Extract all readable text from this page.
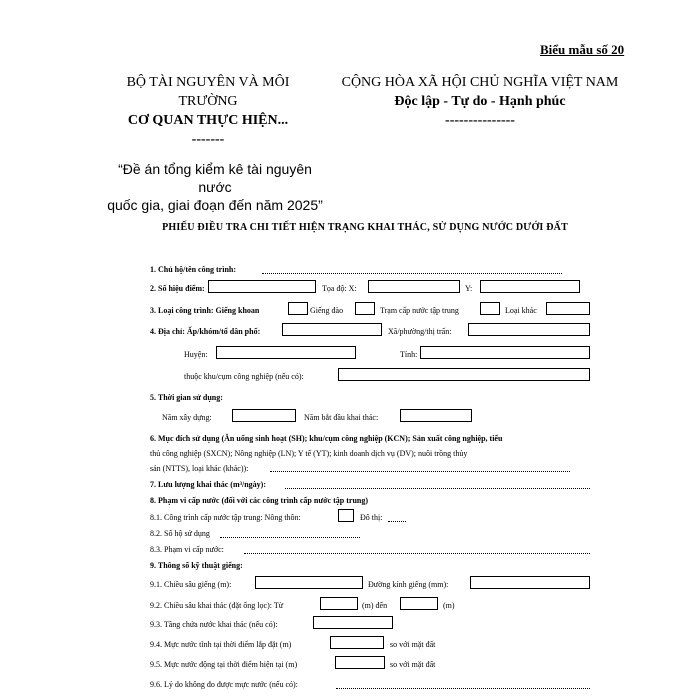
Biểu mẫu số 20
BỘ TÀI NGUYÊN VÀ MÔI
TRƯỜNG
CƠ QUAN THỰC HIỆN...
-------
CỘNG HÒA XÃ HỘI CHỦ NGHĨA VIỆT NAM
Độc lập - Tự do - Hạnh phúc
---------------
“Đề án tổng kiểm kê tài nguyên nước
quốc gia, giai đoạn đến năm 2025”
PHIẾU ĐIỀU TRA CHI TIẾT HIỆN TRẠNG KHAI THÁC, SỬ DỤNG NƯỚC DƯỚI ĐẤT
1. Chủ hộ/tên công trình:
2. Số hiệu điểm:	Tọa độ: X:	Y:
3. Loại công trình: Giếng khoan	Giếng đào	Trạm cấp nước tập trung	Loại khác
4. Địa chỉ: Ấp/khóm/tổ dân phố:	Xã/phường/thị trấn:
Huyện:	Tỉnh:
thuộc khu/cụm công nghiệp (nếu có):
5. Thời gian sử dụng:
Năm xây dựng:	Năm bắt đầu khai thác:
6. Mục đích sử dụng (Ăn uống sinh hoạt (SH); khu/cụm công nghiệp (KCN); Sản xuất công nghiệp, tiểu
thủ công nghiệp (SXCN); Nông nghiệp (LN); Y tế (YT); kinh doanh dịch vụ (DV); nuôi trồng thủy
sản (NTTS), loại khác (khác)):
7. Lưu lượng khai thác (m³/ngày):
8. Phạm vi cấp nước (đối với các công trình cấp nước tập trung)
8.1. Công trình cấp nước tập trung: Nông thôn:	Đô thị:
8.2. Số hộ sử dụng
8.3. Phạm vi cấp nước:
9. Thông số kỹ thuật giếng:
9.1. Chiều sâu giếng (m):	Đường kính giếng (mm):
9.2. Chiều sâu khai thác (đặt ống lọc): Từ	(m) đến	(m)
9.3. Tầng chứa nước khai thác (nếu có):
9.4. Mực nước tĩnh tại thời điểm lắp đặt (m)	so với mặt đất
9.5. Mực nước động tại thời điểm hiện tại (m)	so với mặt đất
9.6. Lý do không đo được mực nước (nếu có):
